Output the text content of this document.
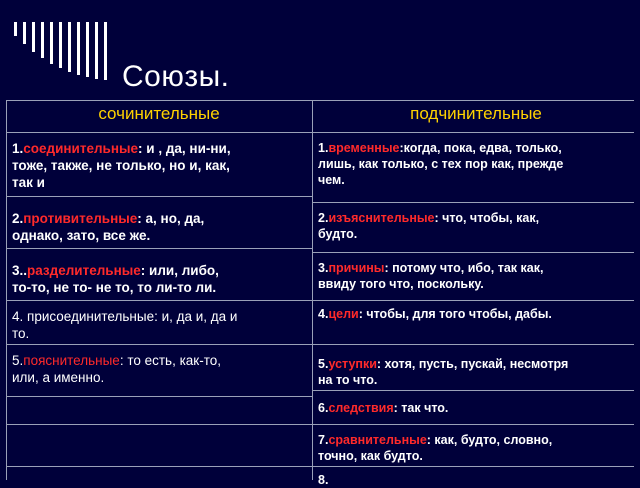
Союзы.
сочинительные	подчинительные
1.соединительные: и , да, ни-ни,
тоже, также, не только, но и, как,
так и
2.противительные: а, но, да,
однако, зато, все же.
3..разделительные: или, либо,
то-то, не то- не то, то ли-то ли.
4. присоединительные: и, да и, да и
то.
5.пояснительные: то есть, как-то,
или, а именно.
1.временные:когда, пока, едва, только,
лишь, как только, с тех пор как, прежде
чем.
2.изъяснительные: что, чтобы, как,
будто.
3.причины: потому что, ибо, так как,
ввиду того что, поскольку.
4.цели: чтобы, для того чтобы, дабы.
5.уступки: хотя, пусть, пускай, несмотря
на то что.
6.следствия: так что.
7.сравнительные: как, будто, словно,
точно, как будто.
8.
